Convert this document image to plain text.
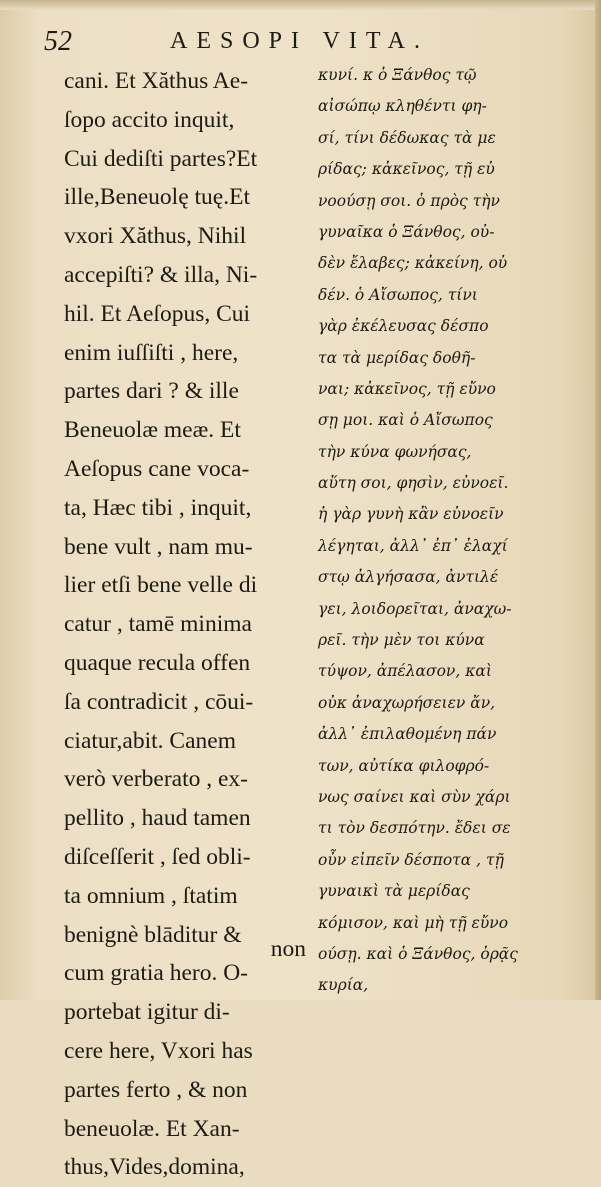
52	AESOPI VITA.
cani. Et Xăthus Ae-
ſopo accito inquit,
Cui dediſti partes?Et
ille,Beneuolę tuę.Et
vxori Xăthus, Nihil
accepiſti? & illa, Ni-
hil. Et Aeſopus, Cui
enim iuſſiſti , here,
partes dari ? & ille
Beneuolæ meæ. Et
Aeſopus cane voca-
ta, Hæc tibi , inquit,
bene vult , nam mu-
lier etſi bene velle di
catur , tamē minima
quaque recula offen
ſa contradicit , cōui-
ciatur,abit. Canem
verò verberato , ex-
pellito , haud tamen
diſceſſerit , ſed obli-
ta omnium , ſtatim
benignè blāditur &
cum gratia hero. O-
portebat igitur di-
cere here, Vxori has
partes ferto , & non
beneuolæ. Et Xan-
thus,Vides,domina,
κυνί. κ ὁ Ξάνθος τῷ
αἰσώπῳ κληθέντι φη-
σί, τίνι δέδωκας τὰ με
ρίδας; κἀκεῖνος, τῇ εὐ
νοούσῃ σοι. ὁ πρὸς τὴν
γυναῖκα ὁ Ξάνθος, οὐ-
δὲν ἔλαβες; κἀκείνη, οὐ
δέν. ὁ Αἴσωπος, τίνι
γὰρ ἐκέλευσας δέσπο
τα τὰ μερίδας δοθῆ-
ναι; κἀκεῖνος, τῇ εὔνο
σῃ μοι. καὶ ὁ Αἴσωπος
τὴν κύνα φωνήσας,
αὕτη σοι, φησὶν, εὐνοεῖ.
ἡ γὰρ γυνὴ κἂν εὐνοεῖν
λέγηται, ἀλλ᾽ ἐπ᾽ ἐλαχί
στῳ ἀλγήσασα, ἀντιλέ
γει, λοιδορεῖται, ἀναχω-
ρεῖ. τὴν μὲν τοι κύνα
τύψον, ἀπέλασον, καὶ
οὐκ ἀναχωρήσειεν ἄν,
ἀλλ᾽ ἐπιλαθομένη πάν
των, αὐτίκα φιλοφρό-
νως σαίνει καὶ σὺν χάρι
τι τὸν δεσπότην. ἔδει σε
οὖν εἰπεῖν δέσποτα , τῇ
γυναικὶ τὰ μερίδας
κόμισον, καὶ μὴ τῇ εὔνο
ούσῃ. καὶ ὁ Ξάνθος, ὁρᾷς
κυρία,
non
